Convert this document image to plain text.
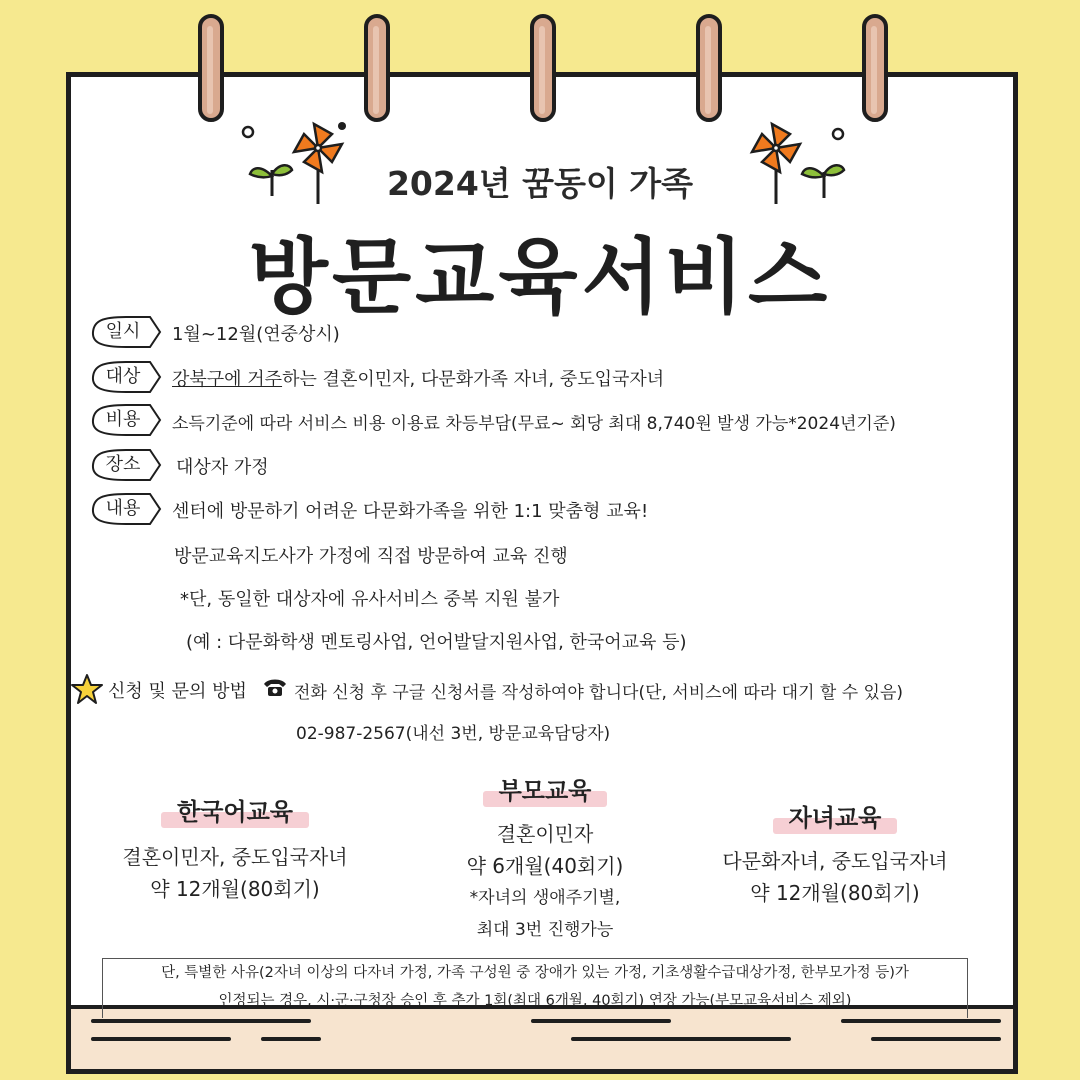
2024년 꿈동이 가족
방문교육서비스
일시	1월~12월(연중상시)
대상	강북구에 거주하는 결혼이민자, 다문화가족 자녀, 중도입국자녀
비용	소득기준에 따라 서비스 비용 이용료 차등부담(무료~ 회당 최대 8,740원 발생 가능*2024년기준)
장소	대상자 가정
내용	센터에 방문하기 어려운 다문화가족을 위한 1:1 맞춤형 교육!
방문교육지도사가 가정에 직접 방문하여 교육 진행
*단, 동일한 대상자에 유사서비스 중복 지원 불가
(예 : 다문화학생 멘토링사업, 언어발달지원사업, 한국어교육 등)
신청 및 문의 방법	전화 신청 후 구글 신청서를 작성하여야 합니다(단, 서비스에 따라 대기 할 수 있음)
02-987-2567(내선 3번, 방문교육담당자)
한국어교육
결혼이민자, 중도입국자녀
약 12개월(80회기)
부모교육
결혼이민자
약 6개월(40회기)
*자녀의 생애주기별,
최대 3번 진행가능
자녀교육
다문화자녀, 중도입국자녀
약 12개월(80회기)
단, 특별한 사유(2자녀 이상의 다자녀 가정, 가족 구성원 중 장애가 있는 가정, 기초생활수급대상가정, 한부모가정 등)가
인정되는 경우, 시·군·구청장 승인 후 추가 1회(최대 6개월, 40회기) 연장 가능(부모교육서비스 제외)
